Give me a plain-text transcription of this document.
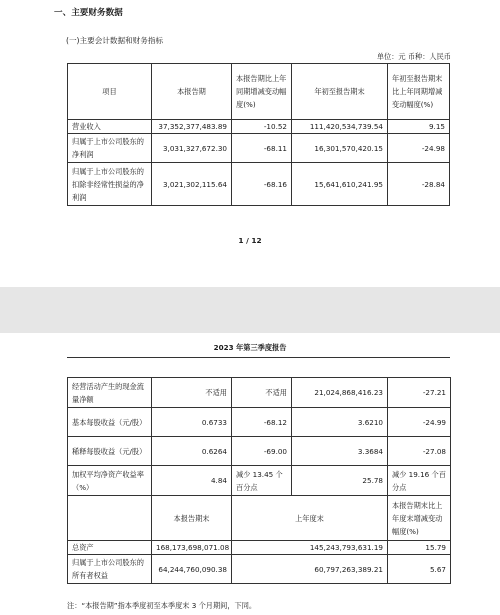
一、主要财务数据
(一)主要会计数据和财务指标
单位：元 币种：人民币
项目	本报告期	本报告期比上年同期增减变动幅度(%)	年初至报告期末	年初至报告期末比上年同期增减变动幅度(%)
营业收入	37,352,377,483.89	-10.52	111,420,534,739.54	9.15
归属于上市公司股东的净利润	3,031,327,672.30	-68.11	16,301,570,420.15	-24.98
归属于上市公司股东的扣除非经常性损益的净利润	3,021,302,115.64	-68.16	15,641,610,241.95	-28.84
1 / 12
2023 年第三季度报告
经营活动产生的现金流量净额	不适用	不适用	21,024,868,416.23	-27.21
基本每股收益（元/股）	0.6733	-68.12	3.6210	-24.99
稀释每股收益（元/股）	0.6264	-69.00	3.3684	-27.08
加权平均净资产收益率（%）	4.84	减少 13.45 个百分点	25.78	减少 19.16 个百分点
	本报告期末	上年度末		本报告期末比上年度末增减变动幅度(%)
总资产	168,173,698,071.08	145,243,793,631.19		15.79
归属于上市公司股东的所有者权益	64,244,760,090.38	60,797,263,389.21		5.67
注：“本报告期”指本季度初至本季度末 3 个月期间，下同。
